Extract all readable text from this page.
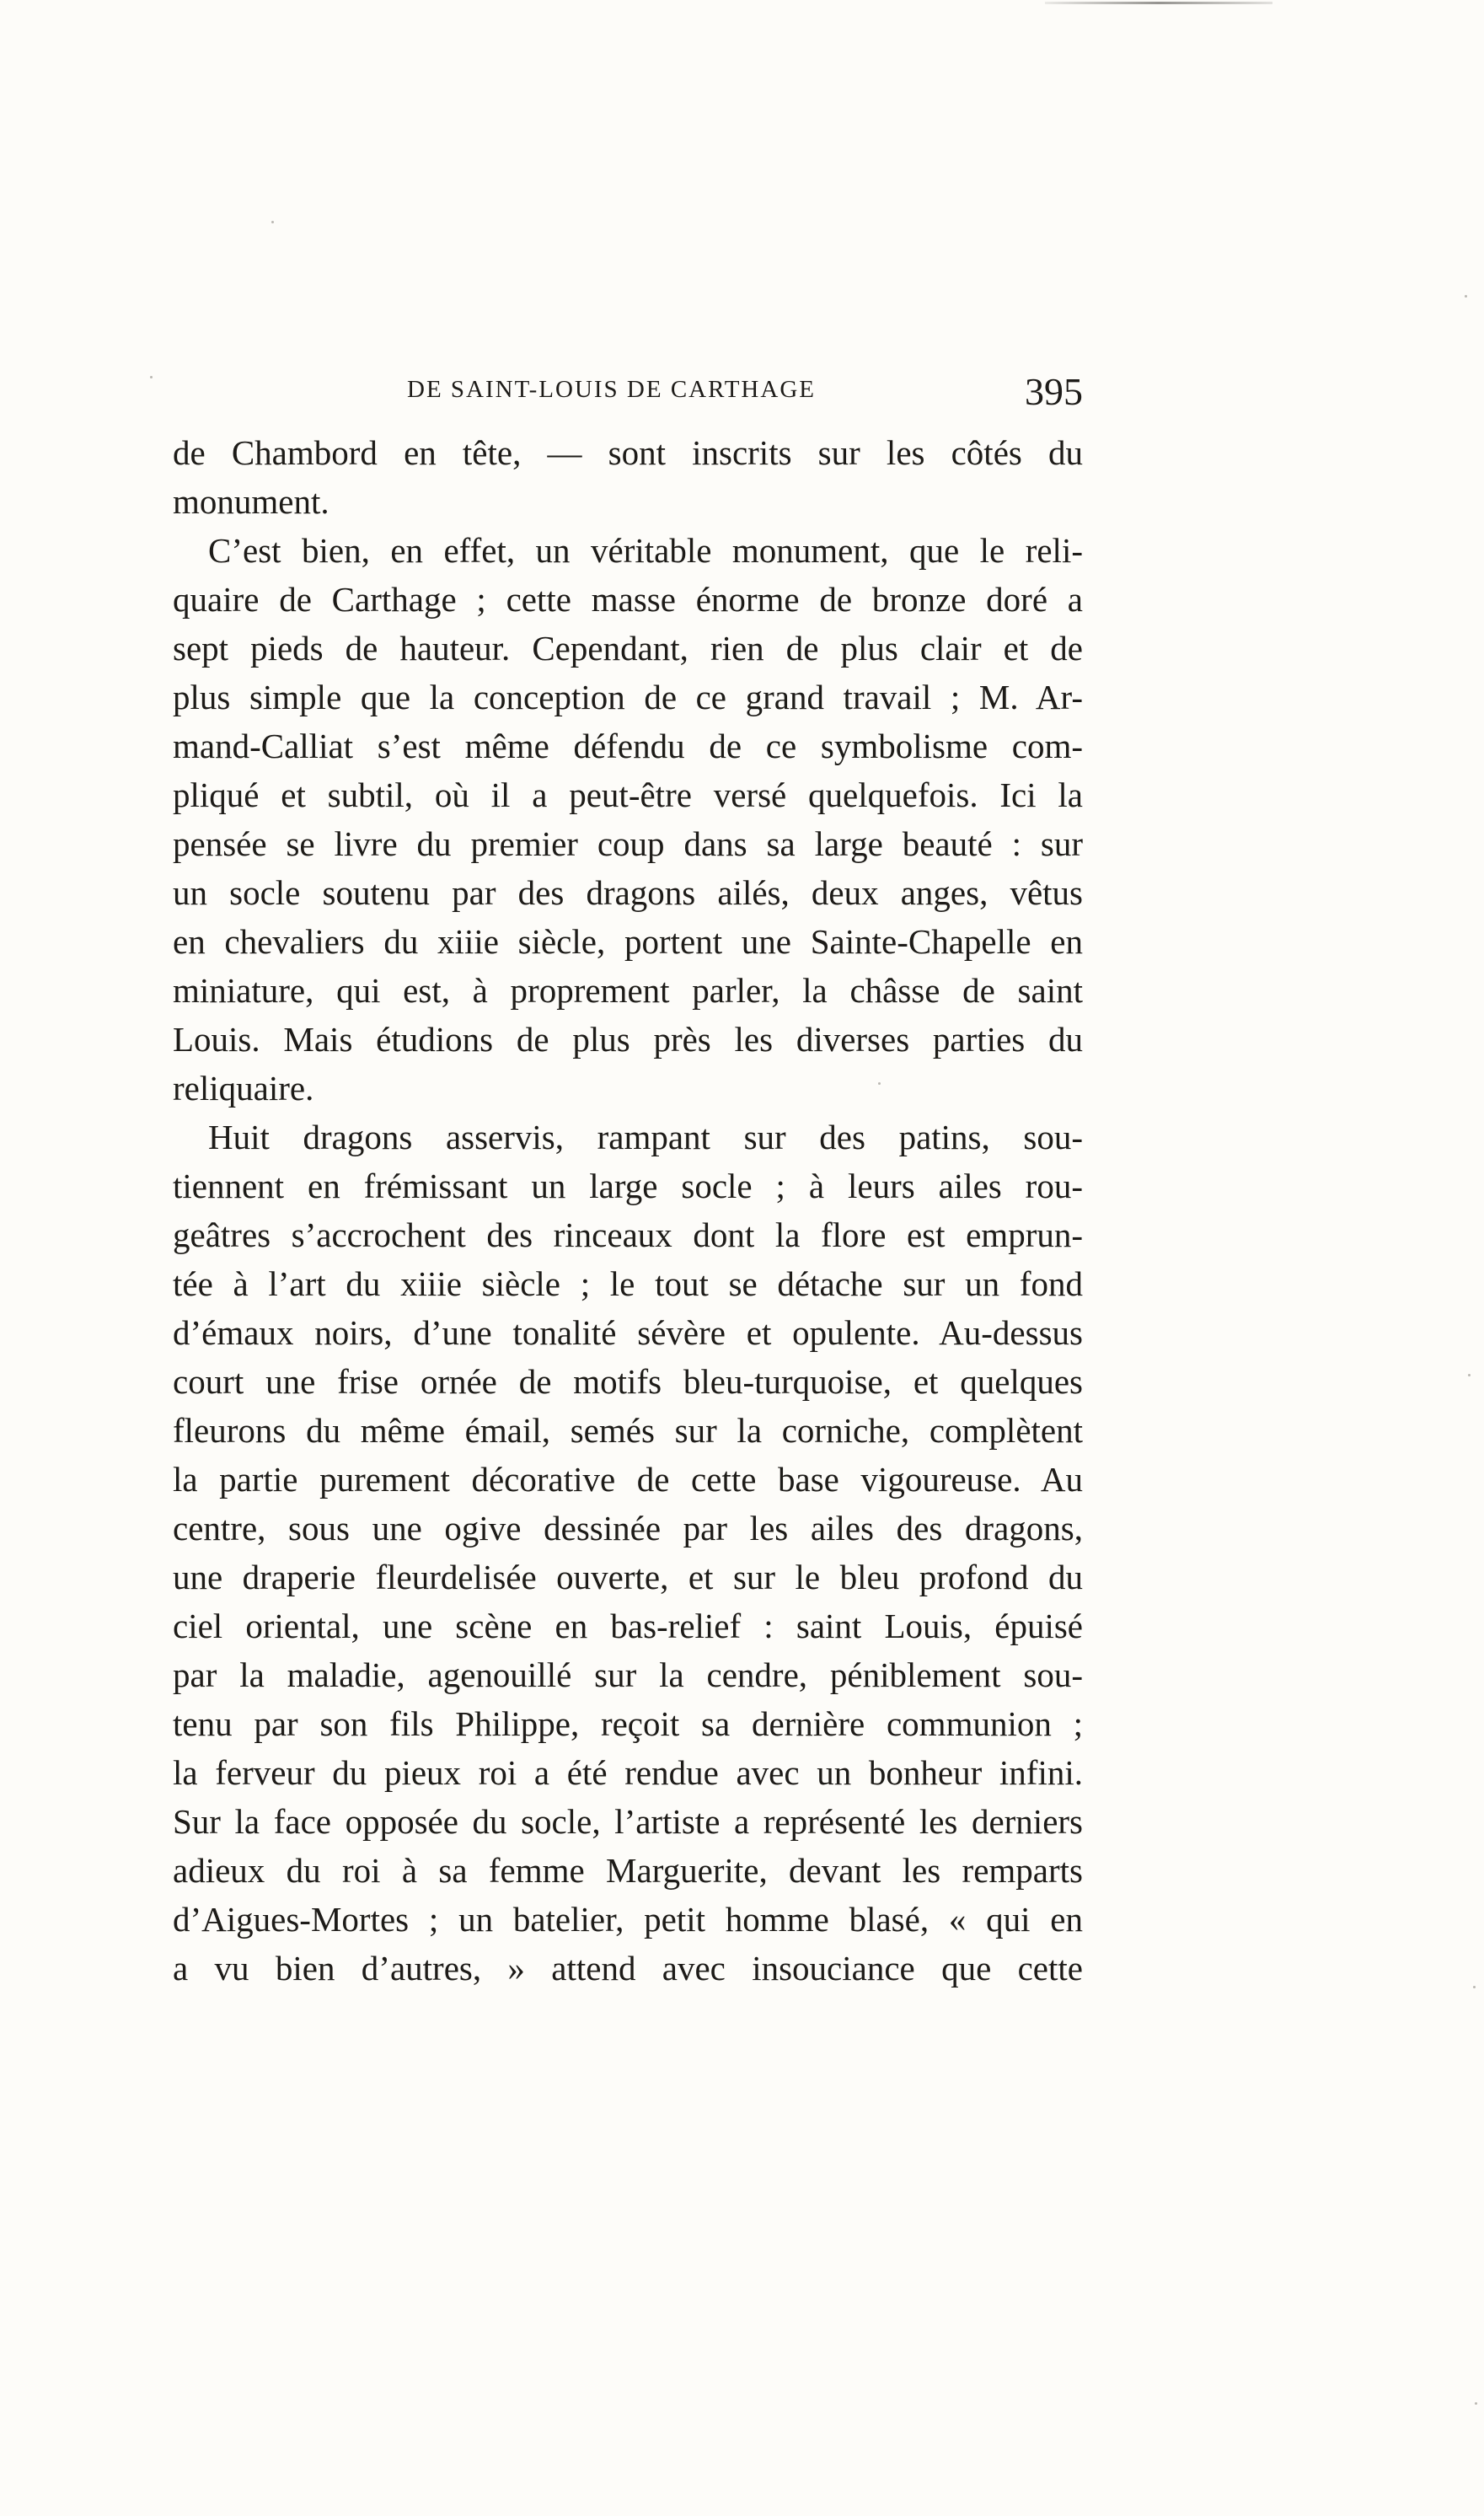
DE SAINT-LOUIS DE CARTHAGE	395
de Chambord en tête, — sont inscrits sur les côtés du
monument.
C’est bien, en effet, un véritable monument, que le reli-
quaire de Carthage ; cette masse énorme de bronze doré a
sept pieds de hauteur. Cependant, rien de plus clair et de
plus simple que la conception de ce grand travail ; M. Ar-
mand-Calliat s’est même défendu de ce symbolisme com-
pliqué et subtil, où il a peut-être versé quelquefois. Ici la
pensée se livre du premier coup dans sa large beauté : sur
un socle soutenu par des dragons ailés, deux anges, vêtus
en chevaliers du xiiie siècle, portent une Sainte-Chapelle en
miniature, qui est, à proprement parler, la châsse de saint
Louis. Mais étudions de plus près les diverses parties du
reliquaire.
Huit dragons asservis, rampant sur des patins, sou-
tiennent en frémissant un large socle ; à leurs ailes rou-
geâtres s’accrochent des rinceaux dont la flore est emprun-
tée à l’art du xiiie siècle ; le tout se détache sur un fond
d’émaux noirs, d’une tonalité sévère et opulente. Au-dessus
court une frise ornée de motifs bleu-turquoise, et quelques
fleurons du même émail, semés sur la corniche, complètent
la partie purement décorative de cette base vigoureuse. Au
centre, sous une ogive dessinée par les ailes des dragons,
une draperie fleurdelisée ouverte, et sur le bleu profond du
ciel oriental, une scène en bas-relief : saint Louis, épuisé
par la maladie, agenouillé sur la cendre, péniblement sou-
tenu par son fils Philippe, reçoit sa dernière communion ;
la ferveur du pieux roi a été rendue avec un bonheur infini.
Sur la face opposée du socle, l’artiste a représenté les derniers
adieux du roi à sa femme Marguerite, devant les remparts
d’Aigues-Mortes ; un batelier, petit homme blasé, « qui en
a vu bien d’autres, » attend avec insouciance que cette
